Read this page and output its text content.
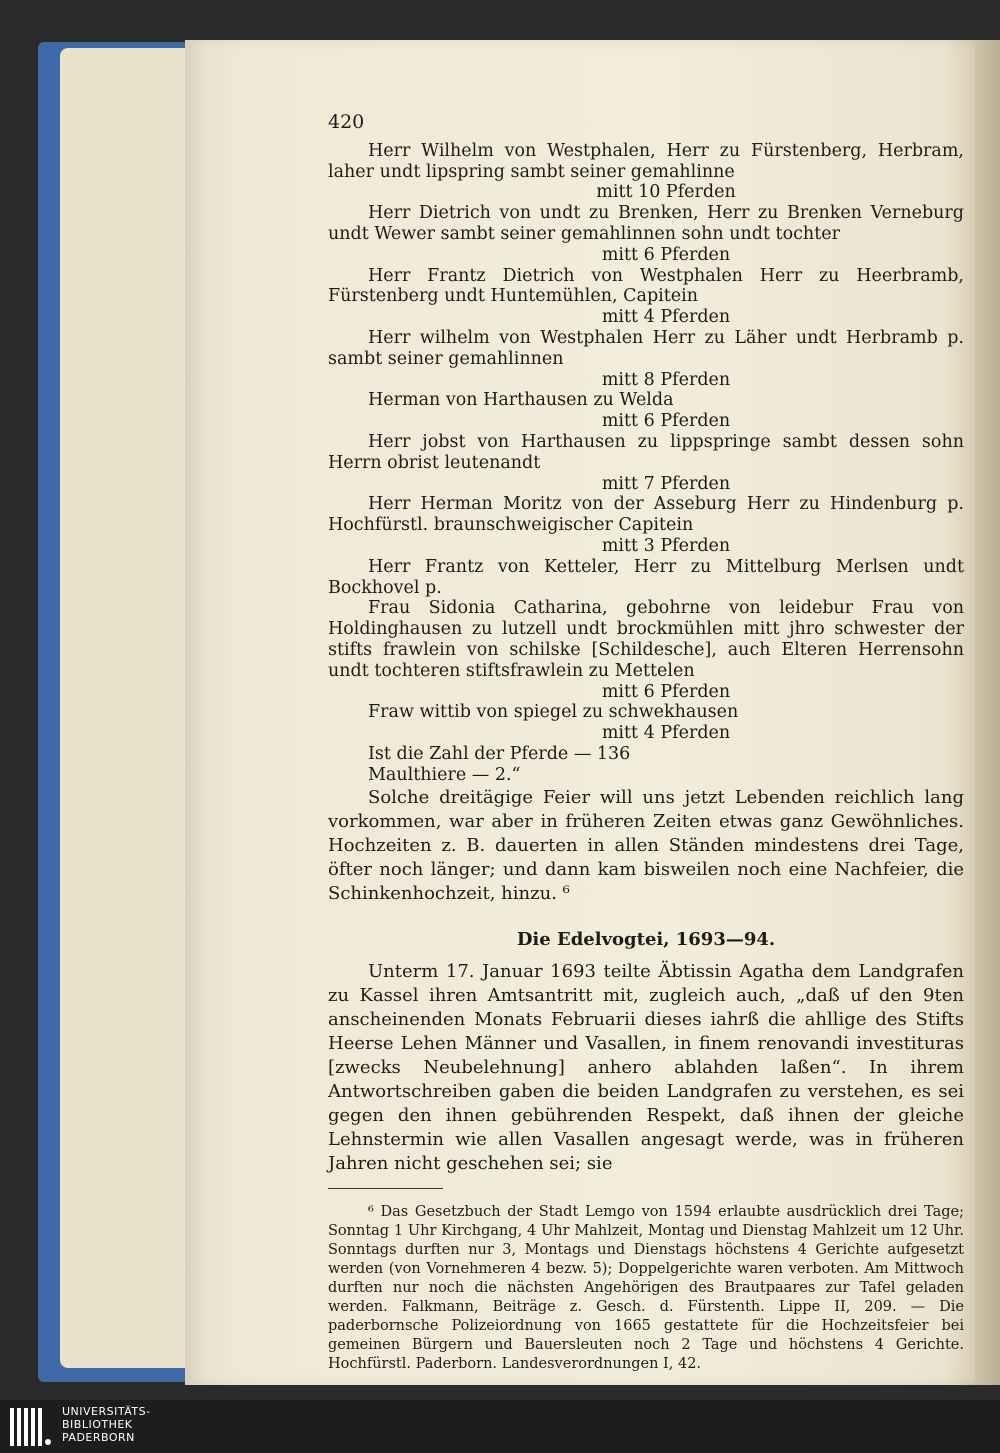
420

Herr Wilhelm von Westphalen, Herr zu Fürstenberg, Herbram, laher undt lipspring sambt seiner gemahlinne

mitt 10 Pferden

Herr Dietrich von undt zu Brenken, Herr zu Brenken Verneburg undt Wewer sambt seiner gemahlinnen sohn undt tochter

mitt 6 Pferden

Herr Frantz Dietrich von Westphalen Herr zu Heerbramb, Fürstenberg undt Huntemühlen, Capitein

mitt 4 Pferden

Herr wilhelm von Westphalen Herr zu Läher undt Herbramb p. sambt seiner gemahlinnen

mitt 8 Pferden

Herman von Harthausen zu Welda

mitt 6 Pferden

Herr jobst von Harthausen zu lippspringe sambt dessen sohn Herrn obrist leutenandt

mitt 7 Pferden

Herr Herman Moritz von der Asseburg Herr zu Hindenburg p. Hochfürstl. braunschweigischer Capitein

mitt 3 Pferden

Herr Frantz von Ketteler, Herr zu Mittelburg Merlsen undt Bockhovel p.

Frau Sidonia Catharina, gebohrne von leidebur Frau von Holdinghausen zu lutzell undt brockmühlen mitt jhro schwester der stifts frawlein von schilske [Schildesche], auch Elteren Herrensohn undt tochteren stiftsfrawlein zu Mettelen

mitt 6 Pferden

Fraw wittib von spiegel zu schwekhausen

mitt 4 Pferden

Ist die Zahl der Pferde — 136

Maulthiere — 2.“

Solche dreitägige Feier will uns jetzt Lebenden reichlich lang vorkommen, war aber in früheren Zeiten etwas ganz Gewöhnliches. Hochzeiten z. B. dauerten in allen Ständen mindestens drei Tage, öfter noch länger; und dann kam bisweilen noch eine Nachfeier, die Schinkenhochzeit, hinzu. ⁶

Die Edelvogtei, 1693—94.

Unterm 17. Januar 1693 teilte Äbtissin Agatha dem Landgrafen zu Kassel ihren Amtsantritt mit, zugleich auch, „daß uf den 9ten anscheinenden Monats Februarii dieses iahrß die ahllige des Stifts Heerse Lehen Männer und Vasallen, in finem renovandi investituras [zwecks Neubelehnung] anhero ablahden laßen“. In ihrem Antwortschreiben gaben die beiden Landgrafen zu verstehen, es sei gegen den ihnen gebührenden Respekt, daß ihnen der gleiche Lehnstermin wie allen Vasallen angesagt werde, was in früheren Jahren nicht geschehen sei; sie

⁶ Das Gesetzbuch der Stadt Lemgo von 1594 erlaubte ausdrücklich drei Tage; Sonntag 1 Uhr Kirchgang, 4 Uhr Mahlzeit, Montag und Dienstag Mahlzeit um 12 Uhr. Sonntags durften nur 3, Montags und Dienstags höchstens 4 Gerichte aufgesetzt werden (von Vornehmeren 4 bezw. 5); Doppelgerichte waren verboten. Am Mittwoch durften nur noch die nächsten Angehörigen des Brautpaares zur Tafel geladen werden. Falkmann, Beiträge z. Gesch. d. Fürstenth. Lippe II, 209. — Die paderbornsche Polizeiordnung von 1665 gestattete für die Hochzeitsfeier bei gemeinen Bürgern und Bauersleuten noch 2 Tage und höchstens 4 Gerichte. Hochfürstl. Paderborn. Landesverordnungen I, 42.

UNIVERSITÄTS-
BIBLIOTHEK
PADERBORN
